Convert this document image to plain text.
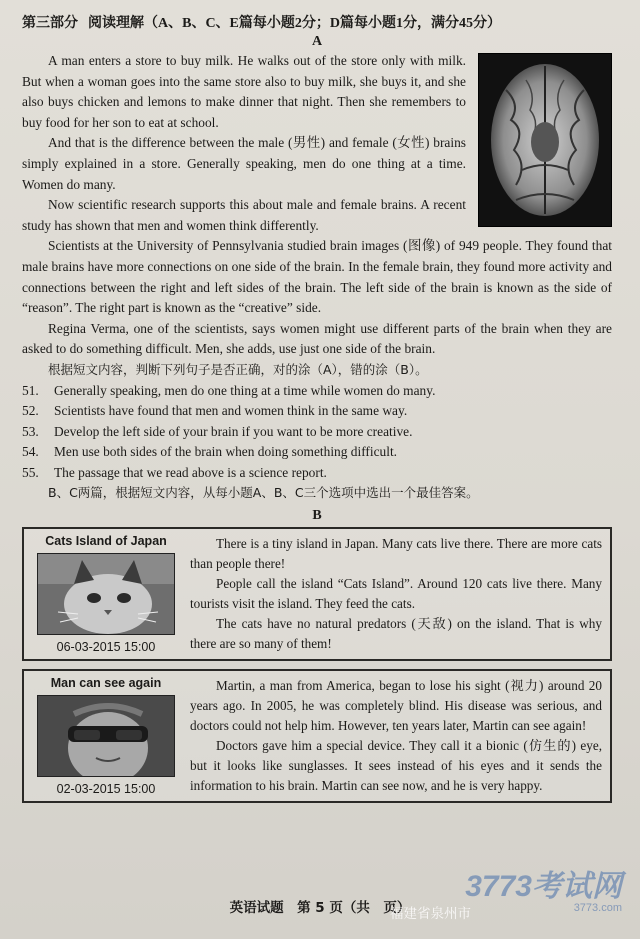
第三部分 阅读理解（A、B、C、E篇每小题2分；D篇每小题1分，满分45分）
A

A man enters a store to buy milk. He walks out of the store only with milk. But when a woman goes into the same store also to buy milk, she buys it, and she also buys chicken and lemons to make dinner that night. Then she remembers to buy food for her son to eat at school.

And that is the difference between the male (男性) and female (女性) brains simply explained in a store. Generally speaking, men do one thing at a time. Women do many.

Now scientific research supports this about male and female brains. A recent study has shown that men and women think differently.

Scientists at the University of Pennsylvania studied brain images (图像) of 949 people. They found that male brains have more connections on one side of the brain. In the female brain, they found more activity and connections between the right and left sides of the brain. The left side of the brain is known as the side of “reason”. The right part is known as the “creative” side.

Regina Verma, one of the scientists, says women might use different parts of the brain when they are asked to do something difficult. Men, she adds, use just one side of the brain.

根据短文内容，判断下列句子是否正确，对的涂（A），错的涂（B）。

51.	Generally speaking, men do one thing at a time while women do many.
52.	Scientists have found that men and women think in the same way.
53.	Develop the left side of your brain if you want to be more creative.
54.	Men use both sides of the brain when doing something difficult.
55.	The passage that we read above is a science report.

B、C两篇，根据短文内容，从每小题A、B、C三个选项中选出一个最佳答案。

B
Cats Island of Japan
06-03-2015 15:00

There is a tiny island in Japan. Many cats live there. There are more cats than people there!

People call the island “Cats Island”. Around 120 cats live there. Many tourists visit the island. They feed the cats.

The cats have no natural predators (天敌) on the island. That is why there are so many of them!

Man can see again
02-03-2015 15:00

Martin, a man from America, began to lose his sight (视力) around 20 years ago. In 2005, he was completely blind. His disease was serious, and doctors could not help him. However, ten years later, Martin can see again!

Doctors gave him a special device. They call it a bionic (仿生的) eye, but it looks like sunglasses. It sees instead of his eyes and it sends the information to his brain. Martin can see now, and he is very happy.

英语试题　第 5 页（共　页）
福建省泉州市
3773考试网
3773.com
